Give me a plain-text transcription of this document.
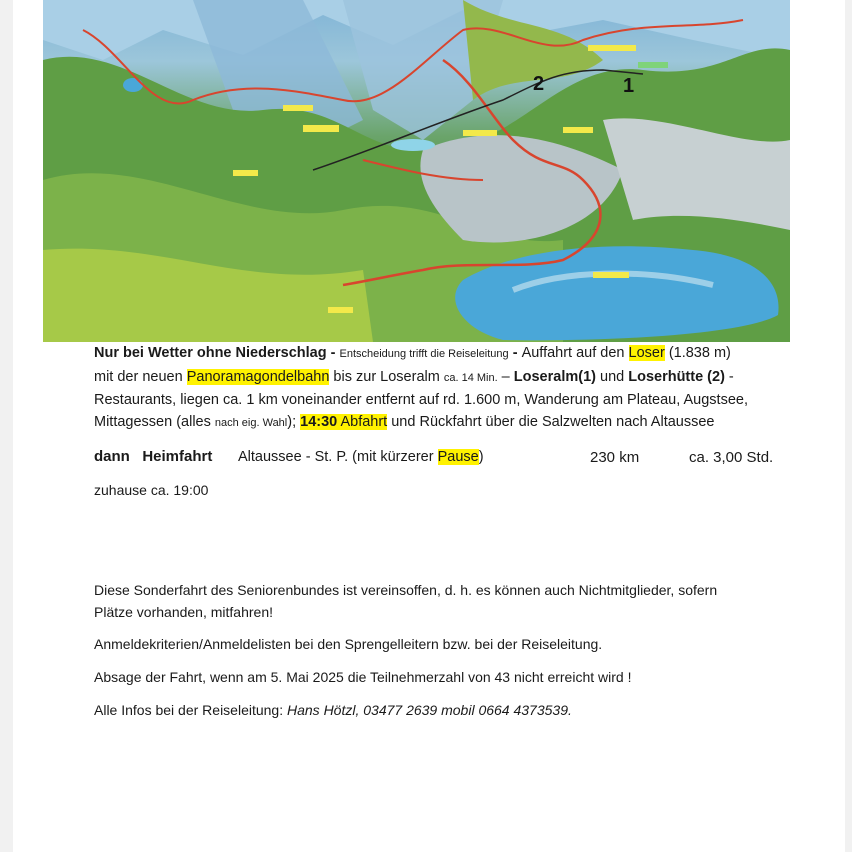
2	1
Nur bei Wetter ohne Niederschlag - Entscheidung trifft die Reiseleitung - Auffahrt auf den Loser (1.838 m)
mit der neuen Panoramagondelbahn bis zur Loseralm ca. 14 Min. – Loseralm(1) und Loserhütte (2) -
Restaurants, liegen ca. 1 km voneinander entfernt auf rd. 1.600 m, Wanderung am Plateau, Augstsee,
Mittagessen (alles nach eig. Wahl); 14:30 Abfahrt und Rückfahrt über die Salzwelten nach Altaussee
dann   Heimfahrt Altaussee - St. P. (mit kürzerer Pause)	230 km	ca. 3,00 Std.
zuhause ca. 19:00
Diese Sonderfahrt des Seniorenbundes ist vereinsoffen, d. h. es können auch Nichtmitglieder, sofern
Plätze vorhanden, mitfahren!
Anmeldekriterien/Anmeldelisten bei den Sprengelleitern bzw. bei der Reiseleitung.
Absage der Fahrt, wenn am 5. Mai 2025 die Teilnehmerzahl von 43 nicht erreicht wird !
Alle Infos bei der Reiseleitung: Hans Hötzl, 03477 2639 mobil 0664 4373539.
